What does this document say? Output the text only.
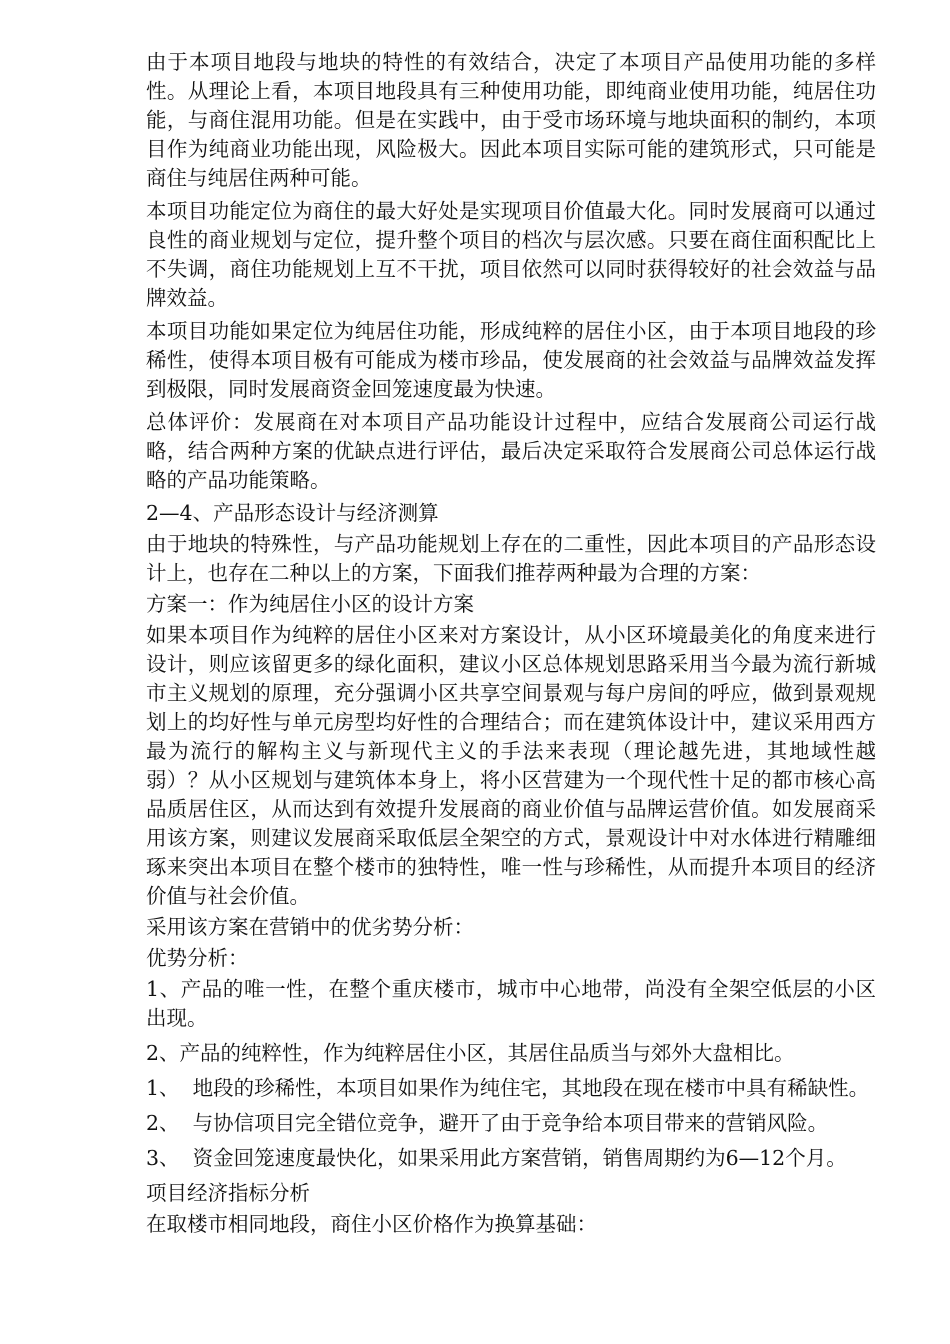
由于本项目地段与地块的特性的有效结合，决定了本项目产品使用功能的多样性。从理论上看，本项目地段具有三种使用功能，即纯商业使用功能，纯居住功能，与商住混用功能。但是在实践中，由于受市场环境与地块面积的制约，本项目作为纯商业功能出现，风险极大。因此本项目实际可能的建筑形式，只可能是商住与纯居住两种可能。

本项目功能定位为商住的最大好处是实现项目价值最大化。同时发展商可以通过良性的商业规划与定位，提升整个项目的档次与层次感。只要在商住面积配比上不失调，商住功能规划上互不干扰，项目依然可以同时获得较好的社会效益与品牌效益。

本项目功能如果定位为纯居住功能，形成纯粹的居住小区，由于本项目地段的珍稀性，使得本项目极有可能成为楼市珍品，使发展商的社会效益与品牌效益发挥到极限，同时发展商资金回笼速度最为快速。

总体评价：发展商在对本项目产品功能设计过程中，应结合发展商公司运行战略，结合两种方案的优缺点进行评估，最后决定采取符合发展商公司总体运行战略的产品功能策略。

2—4、产品形态设计与经济测算

由于地块的特殊性，与产品功能规划上存在的二重性，因此本项目的产品形态设计上，也存在二种以上的方案，下面我们推荐两种最为合理的方案：

方案一：作为纯居住小区的设计方案

如果本项目作为纯粹的居住小区来对方案设计，从小区环境最美化的角度来进行设计，则应该留更多的绿化面积，建议小区总体规划思路采用当今最为流行新城市主义规划的原理，充分强调小区共享空间景观与每户房间的呼应，做到景观规划上的均好性与单元房型均好性的合理结合；而在建筑体设计中，建议采用西方最为流行的解构主义与新现代主义的手法来表现（理论越先进，其地域性越弱）？从小区规划与建筑体本身上，将小区营建为一个现代性十足的都市核心高品质居住区，从而达到有效提升发展商的商业价值与品牌运营价值。如发展商采用该方案，则建议发展商采取低层全架空的方式，景观设计中对水体进行精雕细琢来突出本项目在整个楼市的独特性，唯一性与珍稀性，从而提升本项目的经济价值与社会价值。

采用该方案在营销中的优劣势分析：

优势分析：

1、产品的唯一性，在整个重庆楼市，城市中心地带，尚没有全架空低层的小区出现。

2、产品的纯粹性，作为纯粹居住小区，其居住品质当与郊外大盘相比。

1、  地段的珍稀性，本项目如果作为纯住宅，其地段在现在楼市中具有稀缺性。

2、  与协信项目完全错位竞争，避开了由于竞争给本项目带来的营销风险。

3、  资金回笼速度最快化，如果采用此方案营销，销售周期约为6—12个月。

项目经济指标分析

在取楼市相同地段，商住小区价格作为换算基础：
